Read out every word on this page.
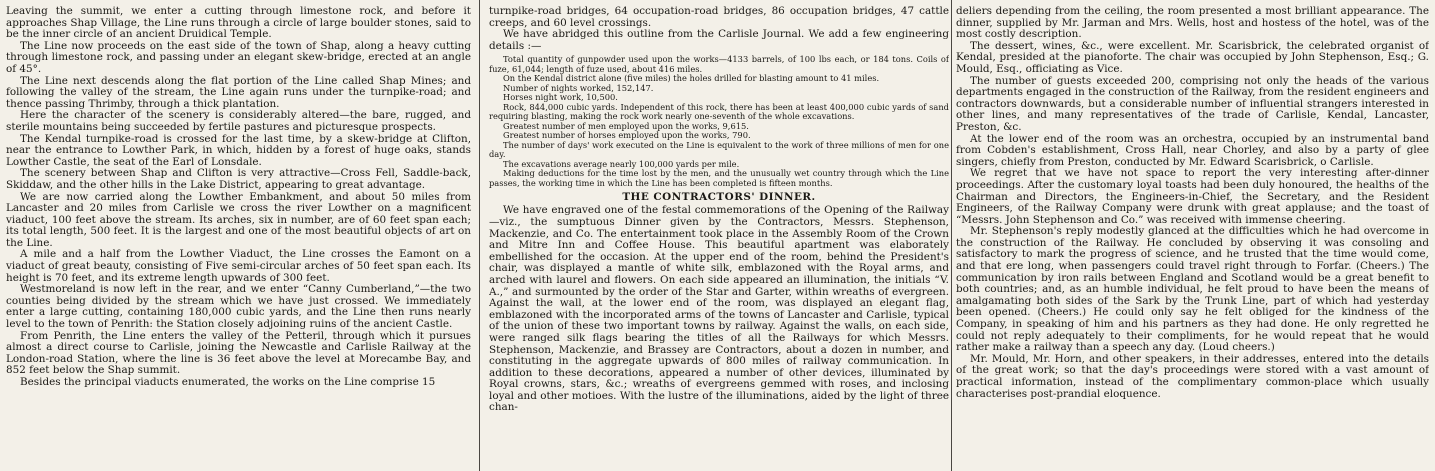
Leaving the summit, we enter a cutting through limestone rock, and before it approaches Shap Village, the Line runs through a circle of large boulder stones, said to be the inner circle of an ancient Druidical Temple.

The Line now proceeds on the east side of the town of Shap, along a heavy cutting through limestone rock, and passing under an elegant skew-bridge, erected at an angle of 45°.

The Line next descends along the flat portion of the Line called Shap Mines; and following the valley of the stream, the Line again runs under the turnpike-road; and thence passing Thrimby, through a thick plantation.

Here the character of the scenery is considerably altered—the bare, rugged, and sterile mountains being succeeded by fertile pastures and picturesque prospects.

The Kendal turnpike-road is crossed for the last time, by a skew-bridge at Clifton, near the entrance to Lowther Park, in which, hidden by a forest of huge oaks, stands Lowther Castle, the seat of the Earl of Lonsdale.

The scenery between Shap and Clifton is very attractive—Cross Fell, Saddle-back, Skiddaw, and the other hills in the Lake District, appearing to great advantage.

We are now carried along the Lowther Embankment, and about 50 miles from Lancaster and 20 miles from Carlisle we cross the river Lowther on a magnificent viaduct, 100 feet above the stream. Its arches, six in number, are of 60 feet span each; its total length, 500 feet. It is the largest and one of the most beautiful objects of art on the Line.

A mile and a half from the Lowther Viaduct, the Line crosses the Eamont on a viaduct of great beauty, consisting of Five semi-circular arches of 50 feet span each. Its height is 70 feet, and its extreme length upwards of 300 feet.

Westmoreland is now left in the rear, and we enter “Canny Cumberland,”—the two counties being divided by the stream which we have just crossed. We immediately enter a large cutting, containing 180,000 cubic yards, and the Line then runs nearly level to the town of Penrith: the Station closely adjoining ruins of the ancient Castle.

From Penrith, the Line enters the valley of the Petteril, through which it pursues almost a direct course to Carlisle, joining the Newcastle and Carlisle Railway at the London-road Station, where the line is 36 feet above the level at Morecambe Bay, and 852 feet below the Shap summit.

Besides the principal viaducts enumerated, the works on the Line comprise 15

turnpike-road bridges, 64 occupation-road bridges, 86 occupation bridges, 47 cattle creeps, and 60 level crossings.

We have abridged this outline from the Carlisle Journal. We add a few engineering details :—

Total quantity of gunpowder used upon the works—4133 barrels, of 100 lbs each, or 184 tons. Coils of fuze, 61,044; length of fuze used, about 416 miles.

On the Kendal district alone (five miles) the holes drilled for blasting amount to 41 miles.

Number of nights worked, 152,147.

Horses night work, 10,500.

Rock, 844,000 cubic yards. Independent of this rock, there has been at least 400,000 cubic yards of sand requiring blasting, making the rock work nearly one-seventh of the whole excavations.

Greatest number of men employed upon the works, 9,615.

Greatest number of horses employed upon the works, 790.

The number of days' work executed on the Line is equivalent to the work of three millions of men for one day.

The excavations average nearly 100,000 yards per mile.

Making deductions for the time lost by the men, and the unusually wet country through which the Line passes, the working time in which the Line has been completed is fifteen months.

THE CONTRACTORS' DINNER.

We have engraved one of the festal commemorations of the Opening of the Railway—viz., the sumptuous Dinner given by the Contractors, Messrs. Stephenson, Mackenzie, and Co. The entertainment took place in the Assembly Room of the Crown and Mitre Inn and Coffee House. This beautiful apartment was elaborately embellished for the occasion. At the upper end of the room, behind the President's chair, was displayed a mantle of white silk, emblazoned with the Royal arms, and arched with laurel and flowers. On each side appeared an illumination, the initials “V. A.,” and surmounted by the order of the Star and Garter, within wreaths of evergreen. Against the wall, at the lower end of the room, was displayed an elegant flag, emblazoned with the incorporated arms of the towns of Lancaster and Carlisle, typical of the union of these two important towns by railway. Against the walls, on each side, were ranged silk flags bearing the titles of all the Railways for which Messrs. Stephenson, Mackenzie, and Brassey are Contractors, about a dozen in number, and constituting in the aggregate upwards of 800 miles of railway communication. In addition to these decorations, appeared a number of other devices, illuminated by Royal crowns, stars, &c.; wreaths of evergreens gemmed with roses, and inclosing loyal and other motioes. With the lustre of the illuminations, aided by the light of three chan-

deliers depending from the ceiling, the room presented a most brilliant appearance. The dinner, supplied by Mr. Jarman and Mrs. Wells, host and hostess of the hotel, was of the most costly description.

The dessert, wines, &c., were excellent. Mr. Scarisbrick, the celebrated organist of Kendal, presided at the pianoforte. The chair was occupied by John Stephenson, Esq.; G. Mould, Esq., officiating as Vice.

The number of guests exceeded 200, comprising not only the heads of the various departments engaged in the construction of the Railway, from the resident engineers and contractors downwards, but a considerable number of influential strangers interested in other lines, and many representatives of the trade of Carlisle, Kendal, Lancaster, Preston, &c.

At the lower end of the room was an orchestra, occupied by an instrumental band from Cobden's establishment, Cross Hall, near Chorley, and also by a party of glee singers, chiefly from Preston, conducted by Mr. Edward Scarisbrick, o Carlisle.

We regret that we have not space to report the very interesting after-dinner proceedings. After the customary loyal toasts had been duly honoured, the healths of the Chairman and Directors, the Engineers-in-Chief, the Secretary, and the Resident Engineers, of the Railway Company were drunk with great applause; and the toast of “Messrs. John Stephenson and Co.” was received with immense cheering.

Mr. Stephenson's reply modestly glanced at the difficulties which he had overcome in the construction of the Railway. He concluded by observing it was consoling and satisfactory to mark the progress of science, and he trusted that the time would come, and that ere long, when passengers could travel right through to Forfar. (Cheers.) The communication by iron rails between England and Scotland would be a great benefit to both countries; and, as an humble individual, he felt proud to have been the means of amalgamating both sides of the Sark by the Trunk Line, part of which had yesterday been opened. (Cheers.) He could only say he felt obliged for the kindness of the Company, in speaking of him and his partners as they had done. He only regretted he could not reply adequately to their compliments, for he would repeat that he would rather make a railway than a speech any day. (Loud cheers.)

Mr. Mould, Mr. Horn, and other speakers, in their addresses, entered into the details of the great work; so that the day's proceedings were stored with a vast amount of practical information, instead of the complimentary common-place which usually characterises post-prandial eloquence.
